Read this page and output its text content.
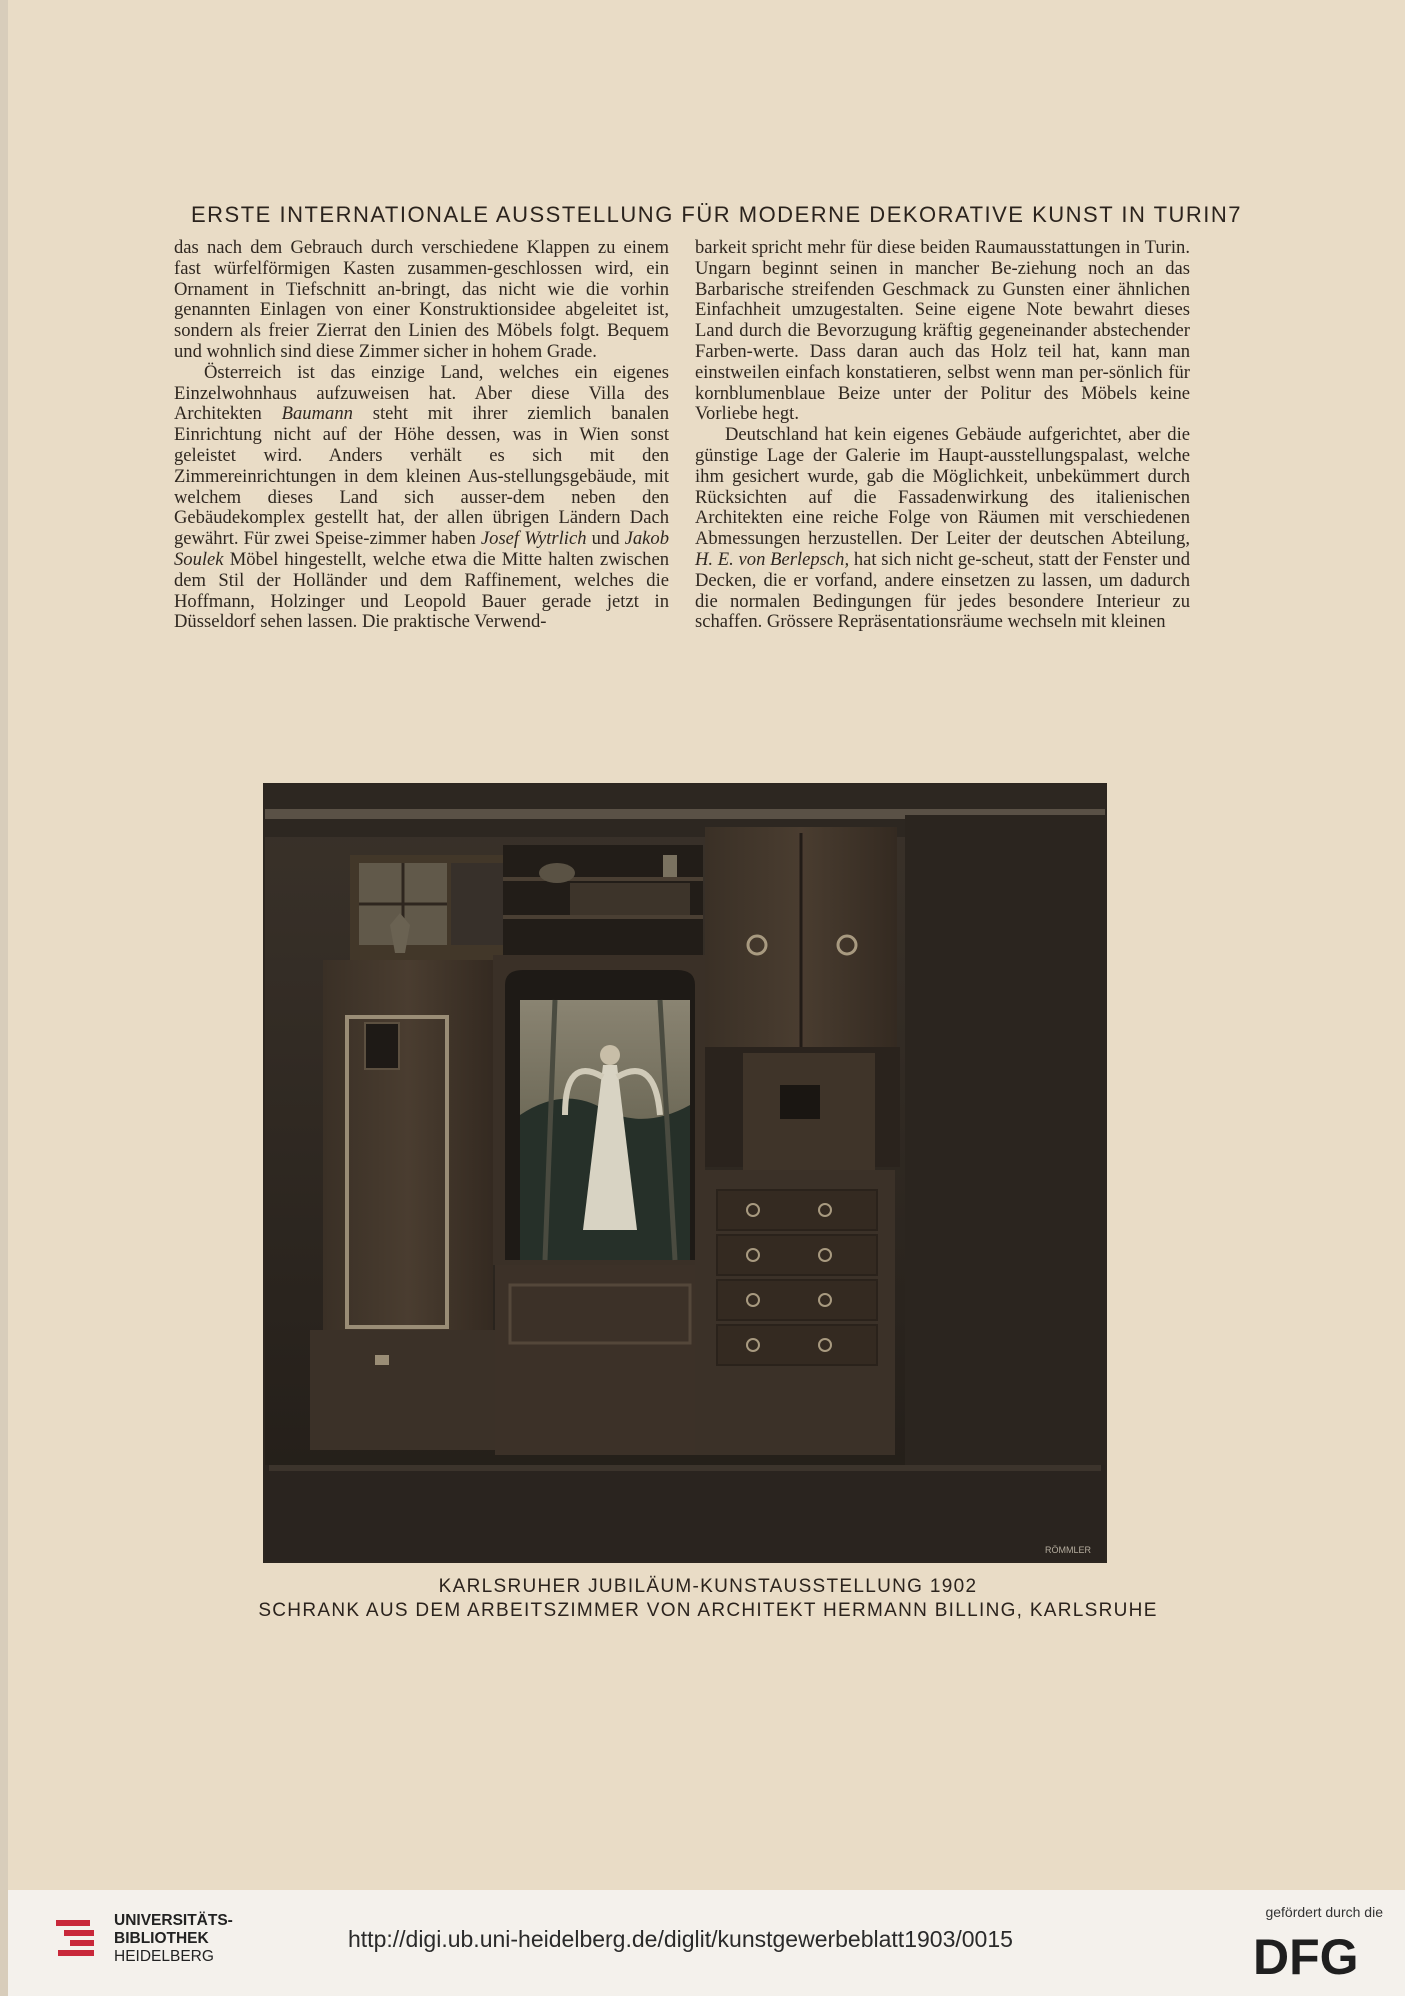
ERSTE INTERNATIONALE AUSSTELLUNG FÜR MODERNE DEKORATIVE KUNST IN TURIN 7

das nach dem Gebrauch durch verschiedene Klappen zu einem fast würfelförmigen Kasten zusammen-geschlossen wird, ein Ornament in Tiefschnitt an-bringt, das nicht wie die vorhin genannten Einlagen von einer Konstruktionsidee abgeleitet ist, sondern als freier Zierrat den Linien des Möbels folgt. Bequem und wohnlich sind diese Zimmer sicher in hohem Grade.

Österreich ist das einzige Land, welches ein eigenes Einzelwohnhaus aufzuweisen hat. Aber diese Villa des Architekten Baumann steht mit ihrer ziemlich banalen Einrichtung nicht auf der Höhe dessen, was in Wien sonst geleistet wird. Anders verhält es sich mit den Zimmereinrichtungen in dem kleinen Aus-stellungsgebäude, mit welchem dieses Land sich ausser-dem neben den Gebäudekomplex gestellt hat, der allen übrigen Ländern Dach gewährt. Für zwei Speise-zimmer haben Josef Wytrlich und Jakob Soulek Möbel hingestellt, welche etwa die Mitte halten zwischen dem Stil der Holländer und dem Raffinement, welches die Hoffmann, Holzinger und Leopold Bauer gerade jetzt in Düsseldorf sehen lassen. Die praktische Verwend-

barkeit spricht mehr für diese beiden Raumausstattungen in Turin. Ungarn beginnt seinen in mancher Be-ziehung noch an das Barbarische streifenden Geschmack zu Gunsten einer ähnlichen Einfachheit umzugestalten. Seine eigene Note bewahrt dieses Land durch die Bevorzugung kräftig gegeneinander abstechender Farben-werte. Dass daran auch das Holz teil hat, kann man einstweilen einfach konstatieren, selbst wenn man per-sönlich für kornblumenblaue Beize unter der Politur des Möbels keine Vorliebe hegt.

Deutschland hat kein eigenes Gebäude aufgerichtet, aber die günstige Lage der Galerie im Haupt-ausstellungspalast, welche ihm gesichert wurde, gab die Möglichkeit, unbekümmert durch Rücksichten auf die Fassadenwirkung des italienischen Architekten eine reiche Folge von Räumen mit verschiedenen Abmessungen herzustellen. Der Leiter der deutschen Abteilung, H. E. von Berlepsch, hat sich nicht ge-scheut, statt der Fenster und Decken, die er vorfand, andere einsetzen zu lassen, um dadurch die normalen Bedingungen für jedes besondere Interieur zu schaffen. Grössere Repräsentationsräume wechseln mit kleinen

RÖMMLER
KARLSRUHER JUBILÄUM-KUNSTAUSSTELLUNG 1902
SCHRANK AUS DEM ARBEITSZIMMER VON ARCHITEKT HERMANN BILLING, KARLSRUHE
UNIVERSITÄTS-
BIBLIOTHEK
HEIDELBERG
http://digi.ub.uni-heidelberg.de/diglit/kunstgewerbeblatt1903/0015
gefördert durch die
DFG
